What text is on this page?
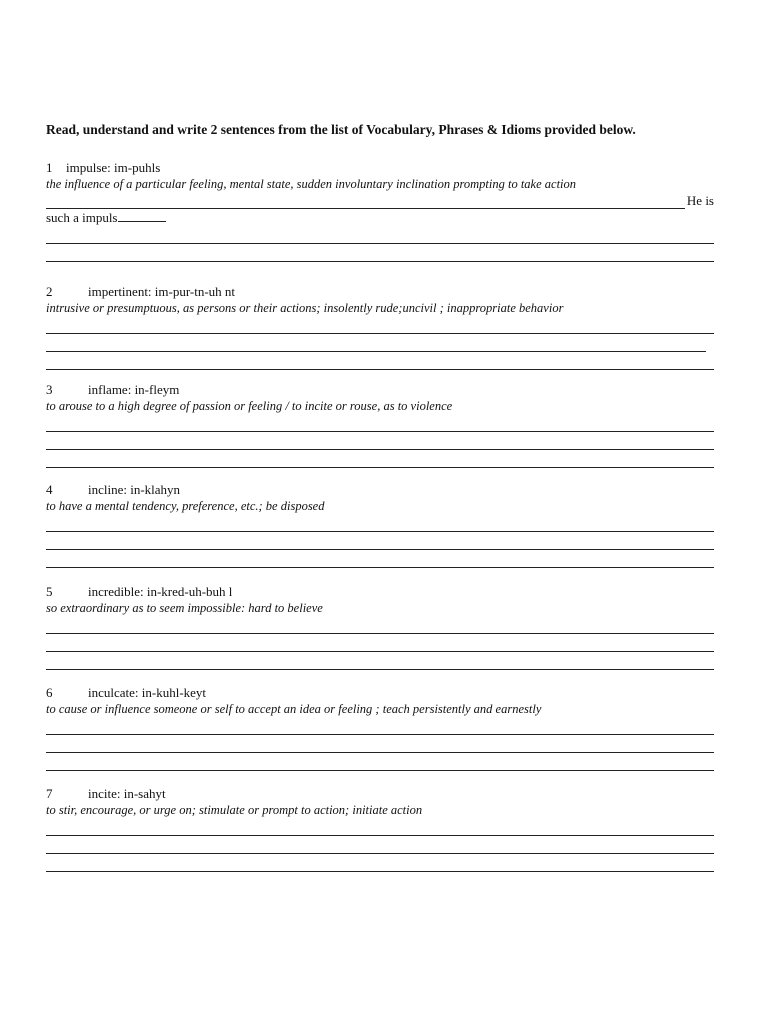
Read, understand and write 2 sentences from the list of Vocabulary, Phrases & Idioms provided below.
1 impulse: im-puhls
the influence of a particular feeling, mental state, sudden involuntary inclination prompting to take action
He is
such a impuls
2	impertinent: im-pur-tn-uh nt
intrusive or presumptuous, as persons or their actions; insolently rude;uncivil ; inappropriate behavior
3	inflame: in-fleym
to arouse to a high degree of passion or feeling / to incite or rouse, as to violence
4	incline: in-klahyn
to have a mental tendency, preference, etc.; be disposed
5	incredible: in-kred-uh-buh l
so extraordinary as to seem impossible: hard to believe
6	inculcate: in-kuhl-keyt
to cause or influence someone or self to accept an idea or feeling ; teach persistently and earnestly
7	incite: in-sahyt
to stir, encourage, or urge on; stimulate or prompt to action; initiate action
